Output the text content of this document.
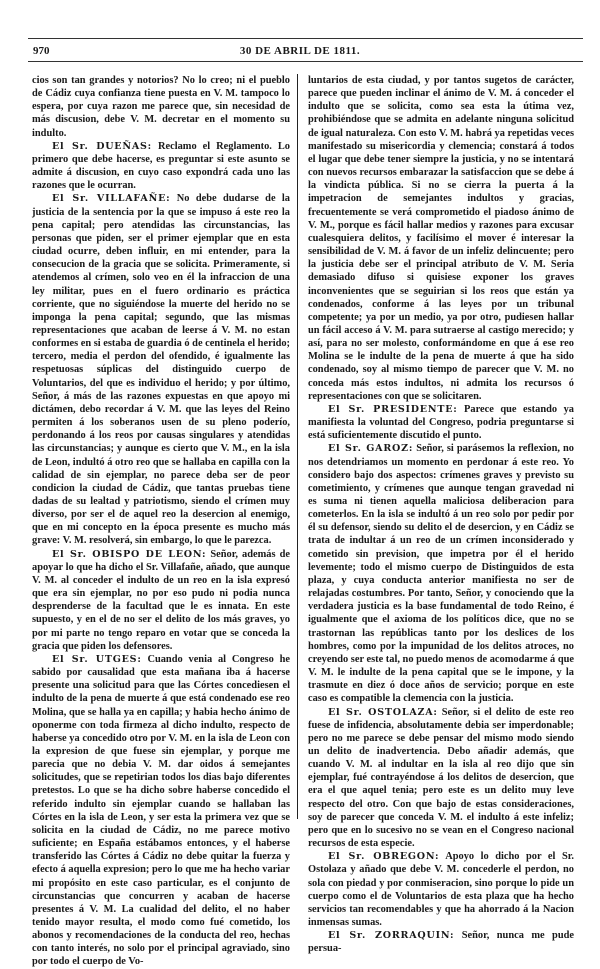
970	30 DE ABRIL DE 1811.

cios son tan grandes y notorios? No lo creo; ni el pueblo de Cádiz cuya confianza tiene puesta en V. M. tampoco lo espera, por cuya razon me parece que, sin necesidad de más discusion, debe V. M. decretar en el momento su indulto.

El Sr. DUEÑAS: Reclamo el Reglamento. Lo primero que debe hacerse, es preguntar si este asunto se admite á discusion, en cuyo caso expondrá cada uno las razones que le ocurran.

El Sr. VILLAFAÑE: No debe dudarse de la justicia de la sentencia por la que se impuso á este reo la pena capital; pero atendidas las circunstancias, las personas que piden, ser el primer ejemplar que en esta ciudad ocurre, deben influir, en mi entender, para la consecucion de la gracia que se solicita. Primeramente, si atendemos al crímen, solo veo en él la infraccion de una ley militar, pues en el fuero ordinario es práctica corriente, que no siguiéndose la muerte del herido no se imponga la pena capital; segundo, que las mismas representaciones que acaban de leerse á V. M. no estan conformes en si estaba de guardia ó de centinela el herido; tercero, media el perdon del ofendido, é igualmente las respetuosas súplicas del distinguido cuerpo de Voluntarios, del que es individuo el herido; y por último, Señor, á más de las razones expuestas en que apoyo mi dictámen, debo recordar á V. M. que las leyes del Reino permiten á los soberanos usen de su pleno poderío, perdonando á los reos por causas singulares y atendidas las circunstancias; y aunque es cierto que V. M., en la isla de Leon, indultó á otro reo que se hallaba en capilla con la calidad de sin ejemplar, no parece deba ser de peor condicion la ciudad de Cádiz, que tantas pruebas tiene dadas de su lealtad y patriotismo, siendo el crímen muy diverso, por ser el de aquel reo la desercion al enemigo, que en mi concepto en la época presente es mucho más grave: V. M. resolverá, sin embargo, lo que le parezca.

El Sr. OBISPO DE LEON: Señor, además de apoyar lo que ha dicho el Sr. Villafañe, añado, que aunque V. M. al conceder el indulto de un reo en la isla expresó que era sin ejemplar, no por eso pudo ni podia nunca desprenderse de la facultad que le es innata. En este supuesto, y en el de no ser el delito de los más graves, yo por mi parte no tengo reparo en votar que se conceda la gracia que piden los defensores.

El Sr. UTGES: Cuando venia al Congreso he sabido por causalidad que esta mañana iba á hacerse presente una solicitud para que las Córtes concediesen el indulto de la pena de muerte á que está condenado ese reo Molina, que se halla ya en capilla; y habia hecho ánimo de oponerme con toda firmeza al dicho indulto, respecto de haberse ya concedido otro por V. M. en la isla de Leon con la expresion de que fuese sin ejemplar, y porque me parecia que no debia V. M. dar oidos á semejantes solicitudes, que se repetirian todos los dias bajo diferentes pretestos. Lo que se ha dicho sobre haberse concedido el referido indulto sin ejemplar cuando se hallaban las Córtes en la isla de Leon, y ser esta la primera vez que se solicita en la ciudad de Cádiz, no me parece motivo suficiente; en España estábamos entonces, y el haberse transferido las Córtes á Cádiz no debe quitar la fuerza y efecto á aquella expresion; pero lo que me ha hecho variar mi propósito en este caso particular, es el conjunto de circunstancias que concurren y acaban de hacerse presentes á V. M. La cualidad del delito, el no haber tenido mayor resulta, el modo como fué cometido, los abonos y recomendaciones de la conducta del reo, hechas con tanto interés, no solo por el principal agraviado, sino por todo el cuerpo de Vo-

luntarios de esta ciudad, y por tantos sugetos de carácter, parece que pueden inclinar el ánimo de V. M. á conceder el indulto que se solicita, como sea esta la útima vez, prohibiéndose que se admita en adelante ninguna solicitud de igual naturaleza. Con esto V. M. habrá ya repetidas veces manifestado su misericordia y clemencia; constará á todos el lugar que debe tener siempre la justicia, y no se intentará con nuevos recursos embarazar la satisfaccion que se debe á la vindicta pública. Si no se cierra la puerta á la impetracion de semejantes indultos y gracias, frecuentemente se verá comprometido el piadoso ánimo de V. M., porque es fácil hallar medios y razones para excusar cualesquiera delitos, y facilísimo el mover é interesar la sensibilidad de V. M. á favor de un infeliz delincuente; pero la justicia debe ser el principal atributo de V. M. Seria demasiado difuso si quisiese exponer los graves inconvenientes que se seguirian si los reos que están ya condenados, conforme á las leyes por un tribunal competente; ya por un medio, ya por otro, pudiesen hallar un fácil acceso á V. M. para sutraerse al castigo merecido; y así, para no ser molesto, conformándome en que á ese reo Molina se le indulte de la pena de muerte á que ha sido condenado, soy al mismo tiempo de parecer que V. M. no conceda más estos indultos, ni admita los recursos ó representaciones con que se solicitaren.

El Sr. PRESIDENTE: Parece que estando ya manifiesta la voluntad del Congreso, podria preguntarse si está suficientemente discutido el punto.

El Sr. GAROZ: Señor, si parásemos la reflexion, no nos detendriamos un momento en perdonar á este reo. Yo considero bajo dos aspectos: crímenes graves y previsto su cometimiento, y crímenes que aunque tengan gravedad ni es suma ni tienen aquella maliciosa deliberacion para cometerlos. En la isla se indultó á un reo solo por pedir por él su defensor, siendo su delito el de desercion, y en Cádiz se trata de indultar á un reo de un crímen inconsiderado y cometido sin prevision, que impetra por él el herido levemente; todo el mismo cuerpo de Distinguidos de esta plaza, y cuya conducta anterior manifiesta no ser de relajadas costumbres. Por tanto, Señor, y conociendo que la verdadera justicia es la base fundamental de todo Reino, é igualmente que el axioma de los políticos dice, que no se trastornan las repúblicas tanto por los deslices de los hombres, como por la impunidad de los delitos atroces, no creyendo ser este tal, no puedo menos de acomodarme á que V. M. le indulte de la pena capital que se le impone, y la trasmute en diez ó doce años de servicio; porque en este caso es compatible la clemencia con la justicia.

El Sr. OSTOLAZA: Señor, si el delito de este reo fuese de infidencia, absolutamente debia ser imperdonable; pero no me parece se debe pensar del mismo modo siendo un delito de inadvertencia. Debo añadir además, que cuando V. M. al indultar en la isla al reo dijo que sin ejemplar, fué contrayéndose á los delitos de desercion, que era el que aquel tenia; pero este es un delito muy leve respecto del otro. Con que bajo de estas consideraciones, soy de parecer que conceda V. M. el indulto á este infeliz; pero que en lo sucesivo no se vean en el Congreso nacional recursos de esta especie.

El Sr. OBREGON: Apoyo lo dicho por el Sr. Ostolaza y añado que debe V. M. concederle el perdon, no sola con piedad y por conmiseracion, sino porque lo pide un cuerpo como el de Voluntarios de esta plaza que ha hecho servicios tan recomendables y que ha ahorrado á la Nacion inmensas sumas.

El Sr. ZORRAQUIN: Señor, nunca me pude persua-
